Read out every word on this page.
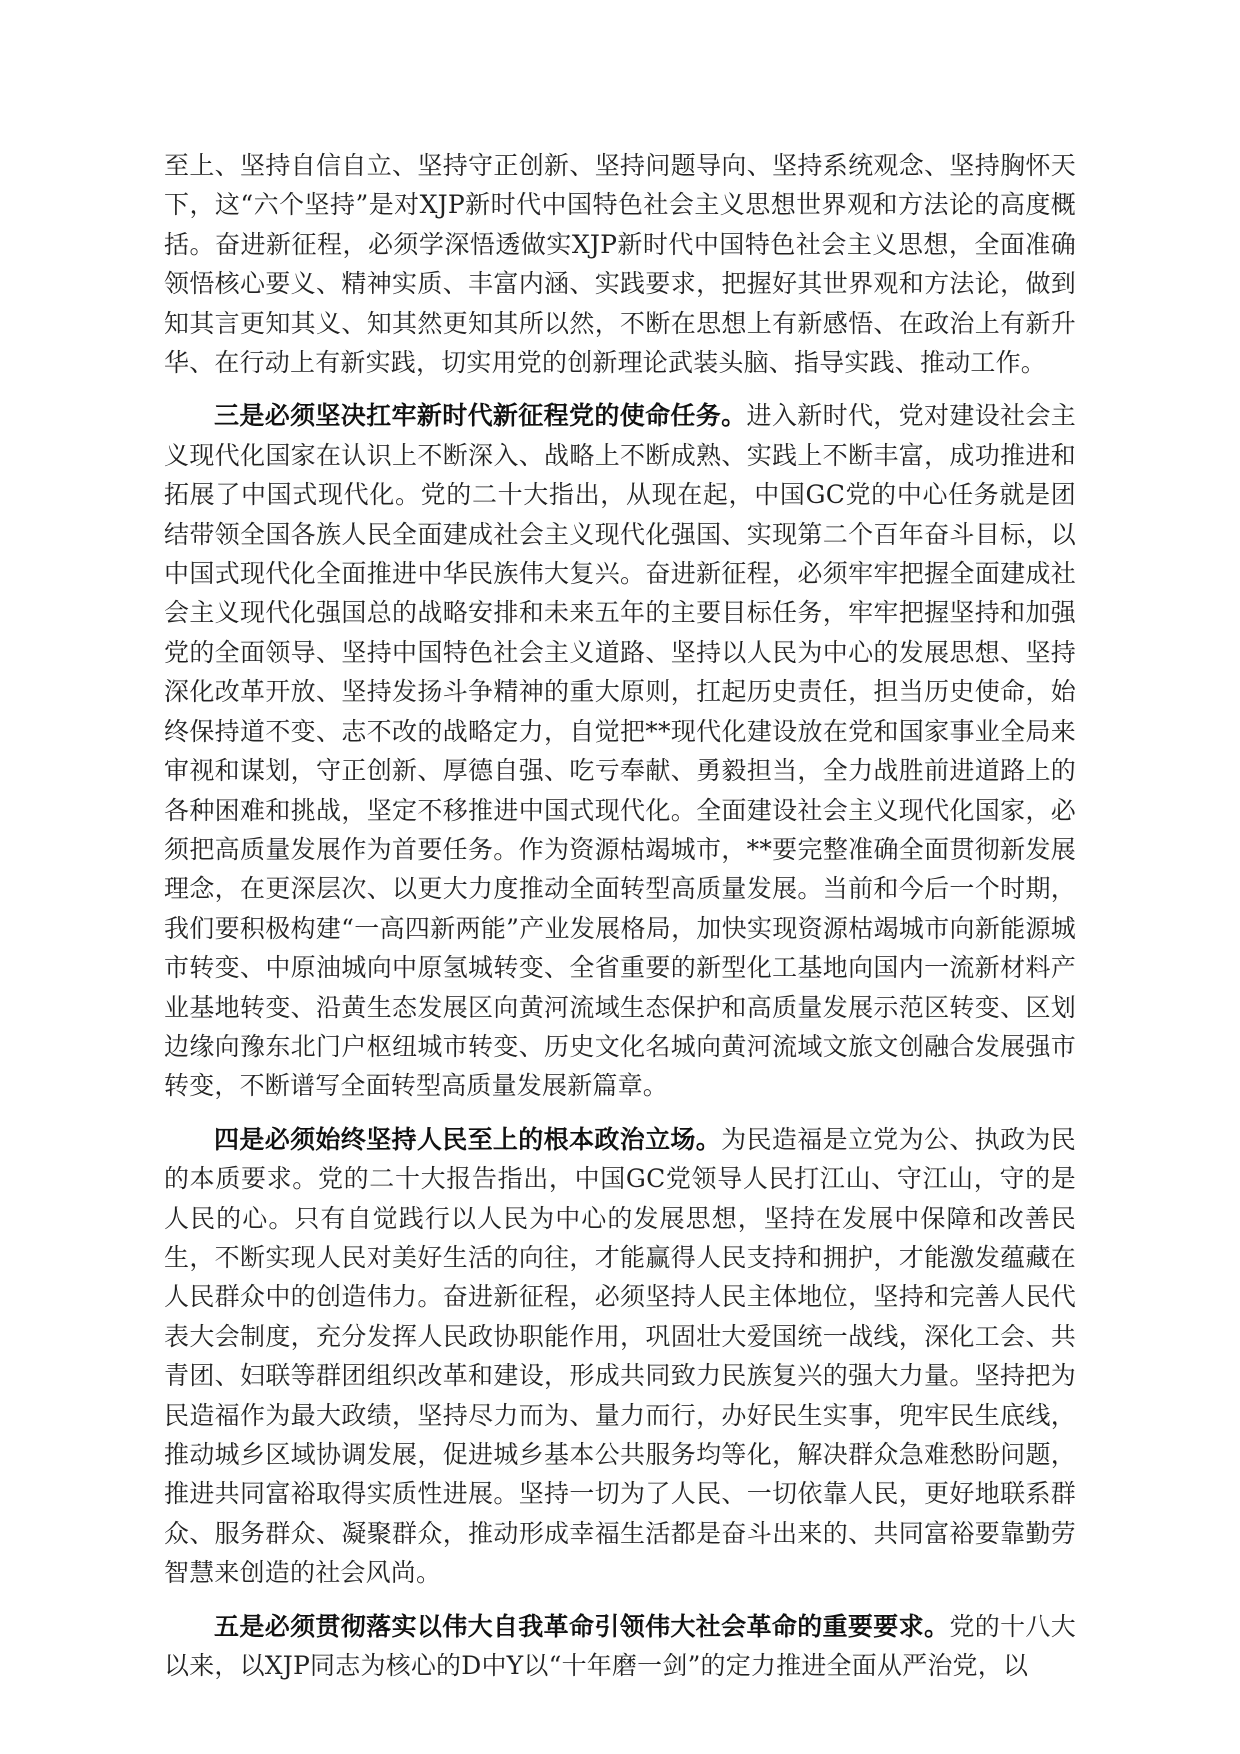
至上、坚持自信自立、坚持守正创新、坚持问题导向、坚持系统观念、坚持胸怀天下，这“六个坚持”是对XJP新时代中国特色社会主义思想世界观和方法论的高度概括。奋进新征程，必须学深悟透做实XJP新时代中国特色社会主义思想，全面准确领悟核心要义、精神实质、丰富内涵、实践要求，把握好其世界观和方法论，做到知其言更知其义、知其然更知其所以然，不断在思想上有新感悟、在政治上有新升华、在行动上有新实践，切实用党的创新理论武装头脑、指导实践、推动工作。

三是必须坚决扛牢新时代新征程党的使命任务。进入新时代，党对建设社会主义现代化国家在认识上不断深入、战略上不断成熟、实践上不断丰富，成功推进和拓展了中国式现代化。党的二十大指出，从现在起，中国GC党的中心任务就是团结带领全国各族人民全面建成社会主义现代化强国、实现第二个百年奋斗目标，以中国式现代化全面推进中华民族伟大复兴。奋进新征程，必须牢牢把握全面建成社会主义现代化强国总的战略安排和未来五年的主要目标任务，牢牢把握坚持和加强党的全面领导、坚持中国特色社会主义道路、坚持以人民为中心的发展思想、坚持深化改革开放、坚持发扬斗争精神的重大原则，扛起历史责任，担当历史使命，始终保持道不变、志不改的战略定力，自觉把**现代化建设放在党和国家事业全局来审视和谋划，守正创新、厚德自强、吃亏奉献、勇毅担当，全力战胜前进道路上的各种困难和挑战，坚定不移推进中国式现代化。全面建设社会主义现代化国家，必须把高质量发展作为首要任务。作为资源枯竭城市，**要完整准确全面贯彻新发展理念，在更深层次、以更大力度推动全面转型高质量发展。当前和今后一个时期，我们要积极构建“一高四新两能”产业发展格局，加快实现资源枯竭城市向新能源城市转变、中原油城向中原氢城转变、全省重要的新型化工基地向国内一流新材料产业基地转变、沿黄生态发展区向黄河流域生态保护和高质量发展示范区转变、区划边缘向豫东北门户枢纽城市转变、历史文化名城向黄河流域文旅文创融合发展强市转变，不断谱写全面转型高质量发展新篇章。

四是必须始终坚持人民至上的根本政治立场。为民造福是立党为公、执政为民的本质要求。党的二十大报告指出，中国GC党领导人民打江山、守江山，守的是人民的心。只有自觉践行以人民为中心的发展思想，坚持在发展中保障和改善民生，不断实现人民对美好生活的向往，才能赢得人民支持和拥护，才能激发蕴藏在人民群众中的创造伟力。奋进新征程，必须坚持人民主体地位，坚持和完善人民代表大会制度，充分发挥人民政协职能作用，巩固壮大爱国统一战线，深化工会、共青团、妇联等群团组织改革和建设，形成共同致力民族复兴的强大力量。坚持把为民造福作为最大政绩，坚持尽力而为、量力而行，办好民生实事，兜牢民生底线，推动城乡区域协调发展，促进城乡基本公共服务均等化，解决群众急难愁盼问题，推进共同富裕取得实质性进展。坚持一切为了人民、一切依靠人民，更好地联系群众、服务群众、凝聚群众，推动形成幸福生活都是奋斗出来的、共同富裕要靠勤劳智慧来创造的社会风尚。

五是必须贯彻落实以伟大自我革命引领伟大社会革命的重要要求。党的十八大以来，以XJP同志为核心的D中Y以“十年磨一剑”的定力推进全面从严治党，以
